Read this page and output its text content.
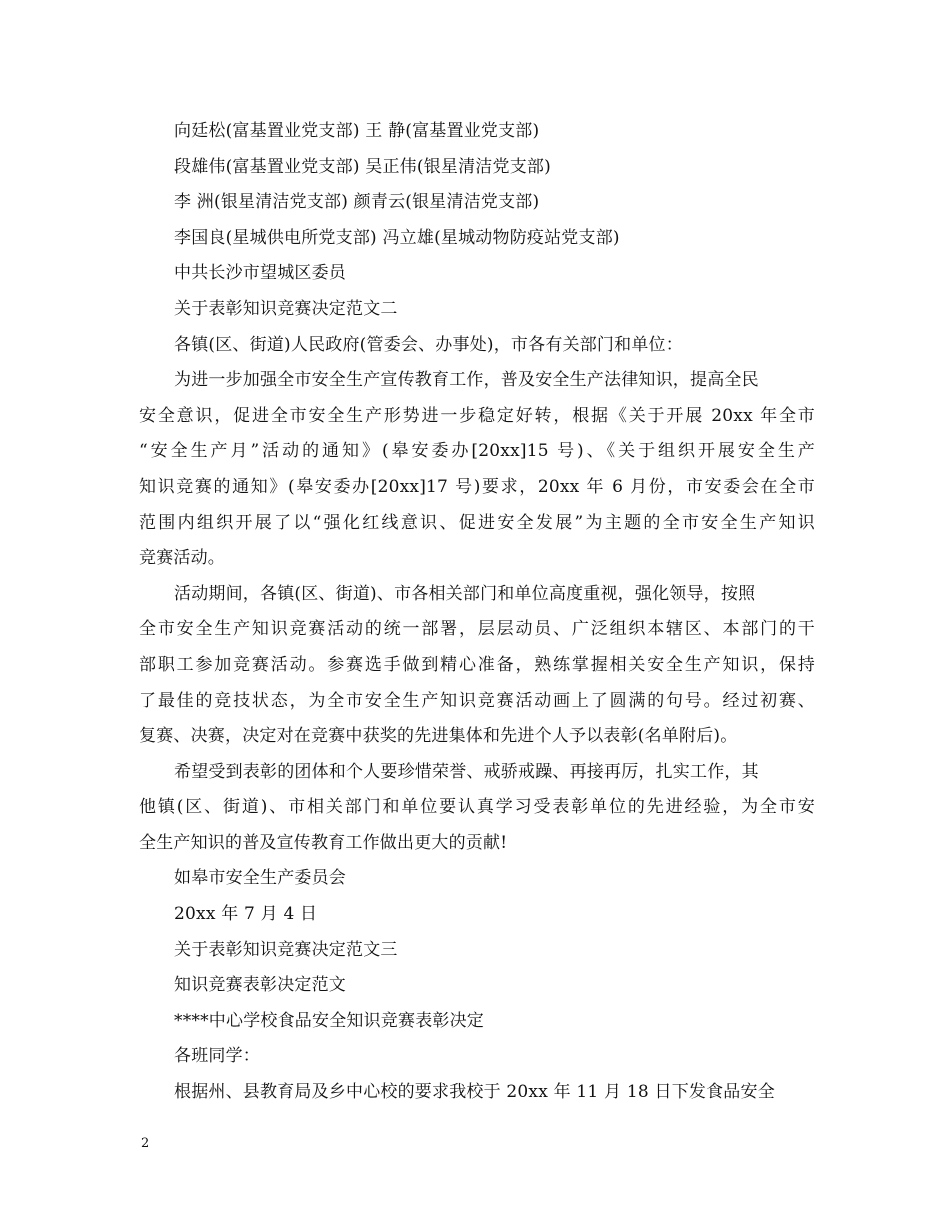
向廷松(富基置业党支部) 王 静(富基置业党支部)
段雄伟(富基置业党支部) 吴正伟(银星清洁党支部)
李 洲(银星清洁党支部) 颜青云(银星清洁党支部)
李国良(星城供电所党支部) 冯立雄(星城动物防疫站党支部)
中共长沙市望城区委员
关于表彰知识竞赛决定范文二
各镇(区、街道)人民政府(管委会、办事处)，市各有关部门和单位：
为进一步加强全市安全生产宣传教育工作，普及安全生产法律知识，提高全民
安全意识，促进全市安全生产形势进一步稳定好转，根据《关于开展 20xx 年全市
“安全生产月”活动的通知》(皋安委办[20xx]15 号)、《关于组织开展安全生产
知识竞赛的通知》(皋安委办[20xx]17 号)要求，20xx 年 6 月份，市安委会在全市
范围内组织开展了以“强化红线意识、促进安全发展”为主题的全市安全生产知识
竞赛活动。
活动期间，各镇(区、街道)、市各相关部门和单位高度重视，强化领导，按照
全市安全生产知识竞赛活动的统一部署，层层动员、广泛组织本辖区、本部门的干
部职工参加竞赛活动。参赛选手做到精心准备，熟练掌握相关安全生产知识，保持
了最佳的竞技状态，为全市安全生产知识竞赛活动画上了圆满的句号。经过初赛、
复赛、决赛，决定对在竞赛中获奖的先进集体和先进个人予以表彰(名单附后)。
希望受到表彰的团体和个人要珍惜荣誉、戒骄戒躁、再接再厉，扎实工作，其
他镇(区、街道)、市相关部门和单位要认真学习受表彰单位的先进经验，为全市安
全生产知识的普及宣传教育工作做出更大的贡献!
如皋市安全生产委员会
20xx 年 7 月 4 日
关于表彰知识竞赛决定范文三
知识竞赛表彰决定范文
****中心学校食品安全知识竞赛表彰决定
各班同学：
根据州、县教育局及乡中心校的要求我校于 20xx 年 11 月 18 日下发食品安全
2
